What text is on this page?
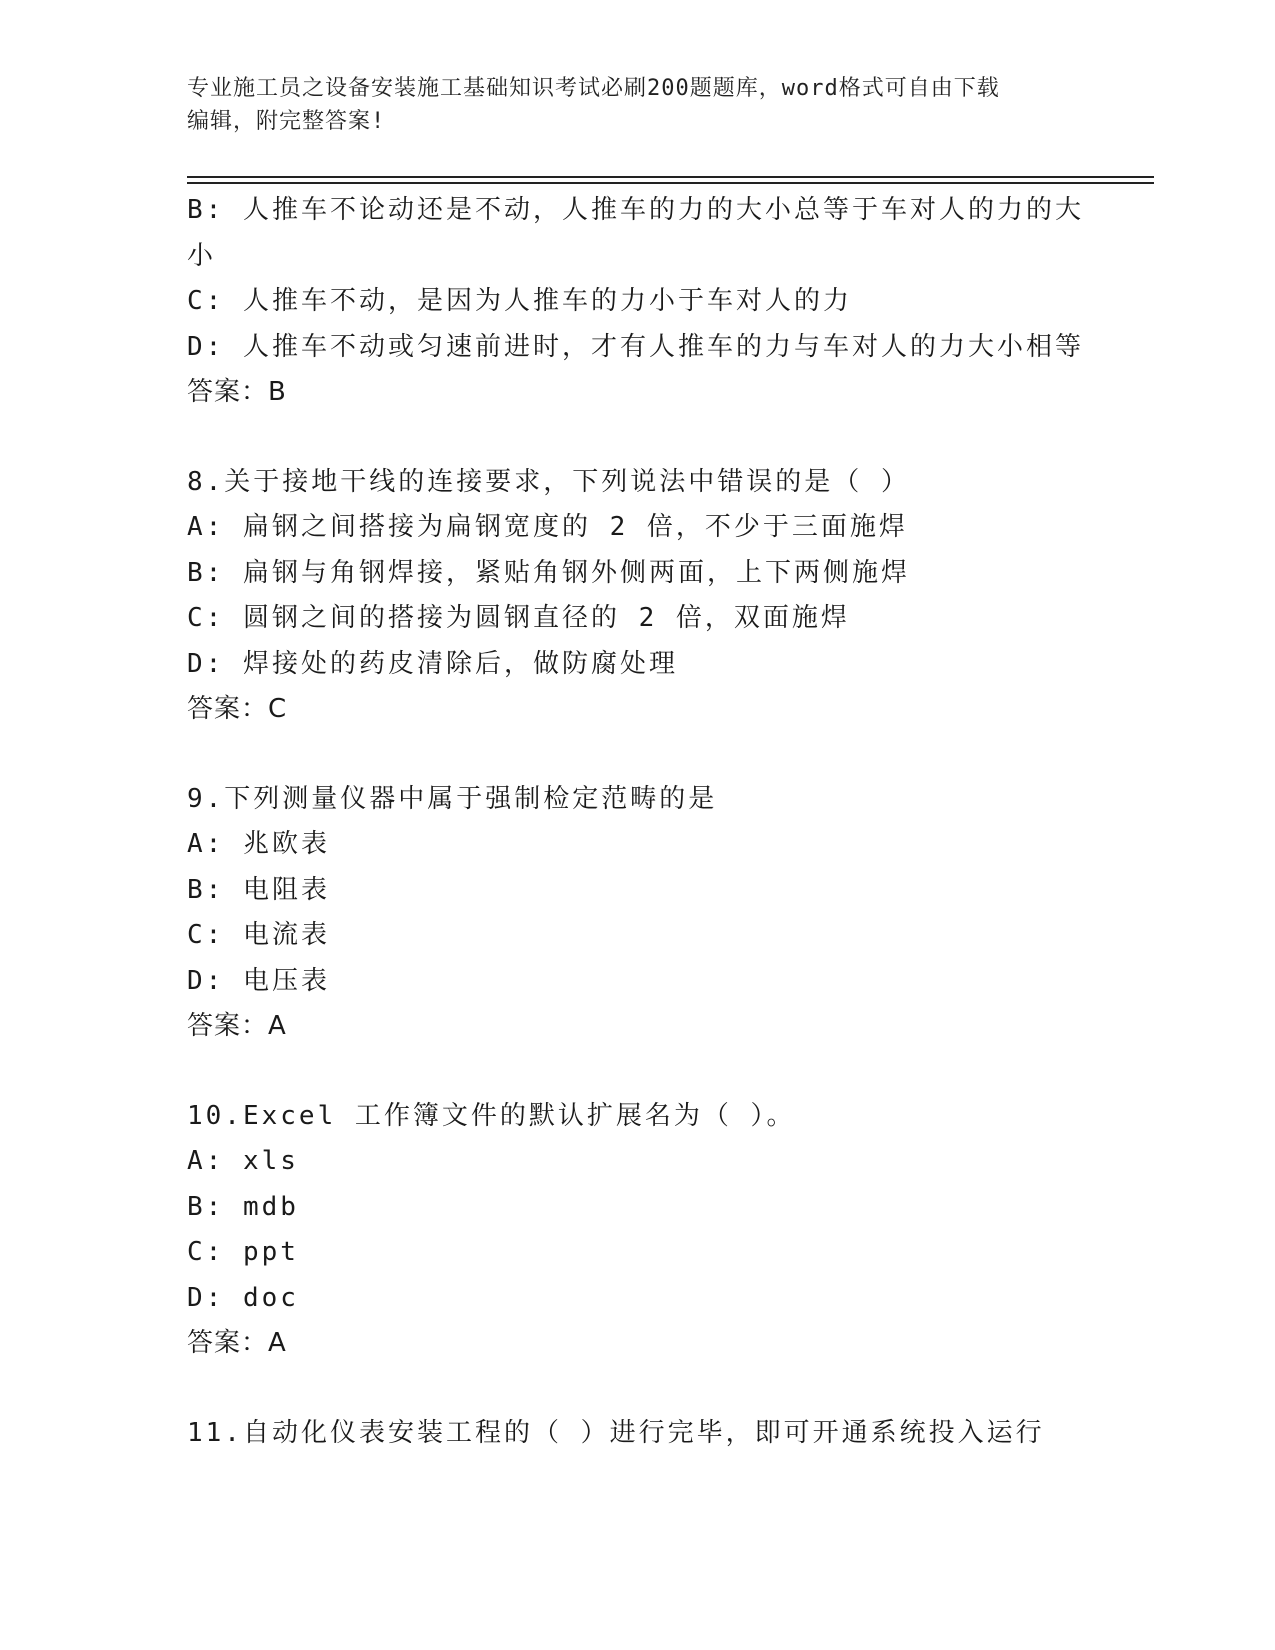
专业施工员之设备安装施工基础知识考试必刷200题题库，word格式可自由下载
编辑，附完整答案!
B: 人推车不论动还是不动，人推车的力的大小总等于车对人的力的大
小
C: 人推车不动，是因为人推车的力小于车对人的力
D: 人推车不动或匀速前进时，才有人推车的力与车对人的力大小相等
答案：B
8.关于接地干线的连接要求，下列说法中错误的是（ ）
A: 扁钢之间搭接为扁钢宽度的 2 倍，不少于三面施焊
B: 扁钢与角钢焊接，紧贴角钢外侧两面，上下两侧施焊
C: 圆钢之间的搭接为圆钢直径的 2 倍，双面施焊
D: 焊接处的药皮清除后，做防腐处理
答案：C
9.下列测量仪器中属于强制检定范畴的是
A: 兆欧表
B: 电阻表
C: 电流表
D: 电压表
答案：A
10.Excel 工作簿文件的默认扩展名为（ ）。
A: xls
B: mdb
C: ppt
D: doc
答案：A
11.自动化仪表安装工程的（ ）进行完毕，即可开通系统投入运行
